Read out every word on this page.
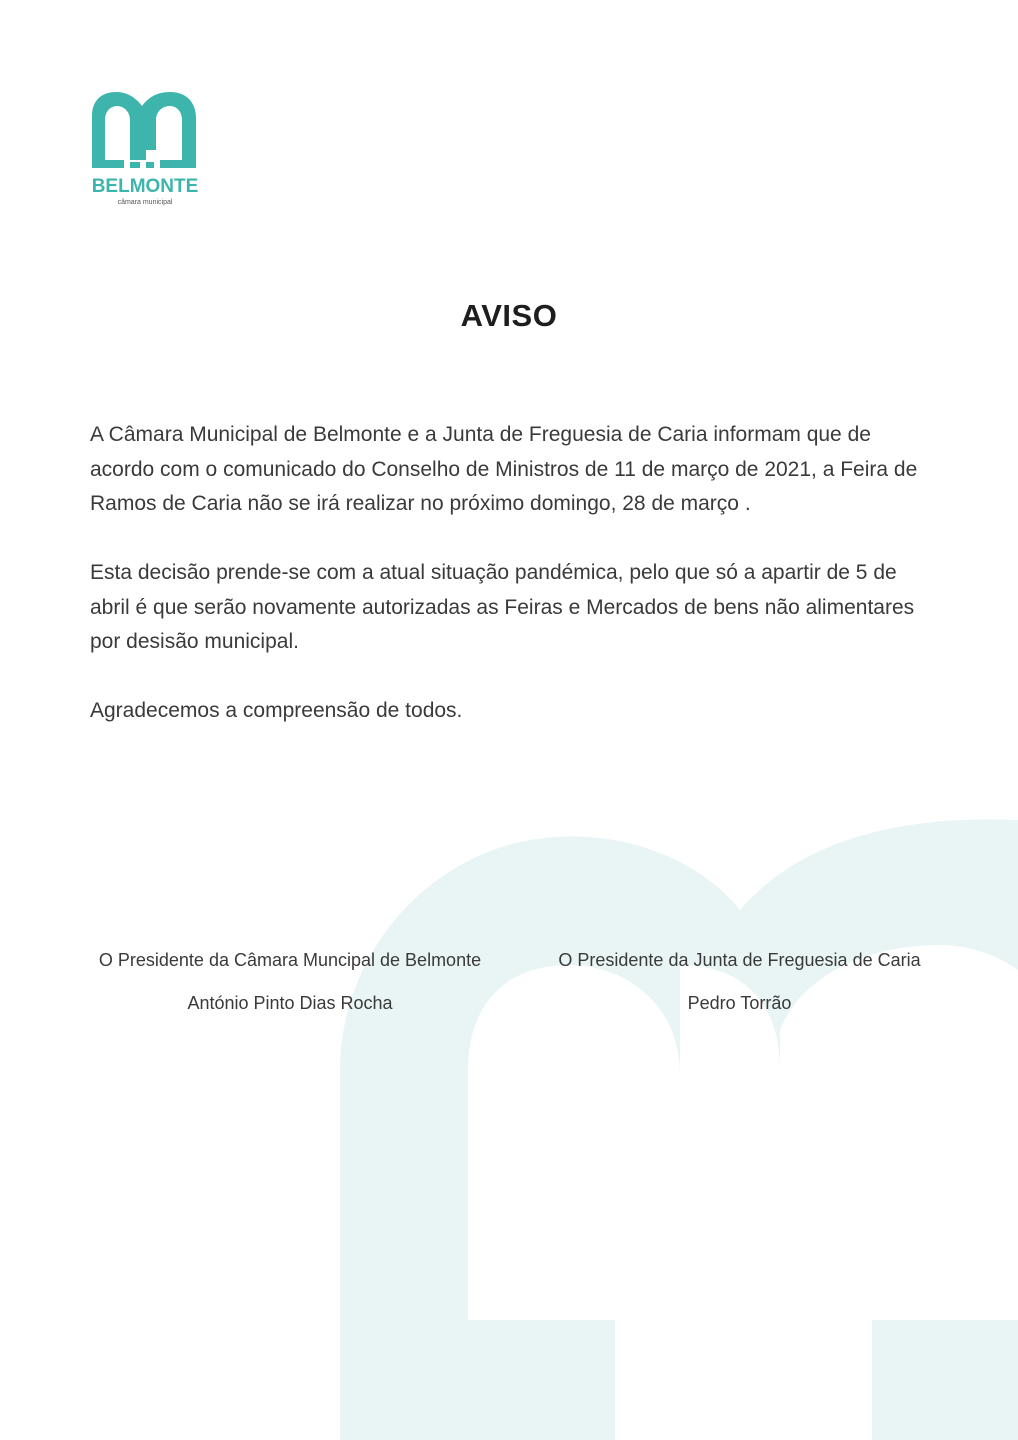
BELMONTE
câmara municipal
AVISO

A Câmara Municipal de Belmonte e a Junta de Freguesia de Caria informam que de acordo com o comunicado do Conselho de Ministros de 11 de março de 2021, a Feira de Ramos de Caria não se irá realizar no próximo domingo, 28 de março .

Esta decisão prende-se com a atual situação pandémica, pelo que só a apartir de 5 de abril é que serão novamente autorizadas as Feiras e Mercados de bens não alimentares por desisão municipal.

Agradecemos a compreensão de todos.

O Presidente da Câmara Muncipal de Belmonte
António Pinto Dias Rocha
O Presidente da Junta de Freguesia de Caria
Pedro Torrão
